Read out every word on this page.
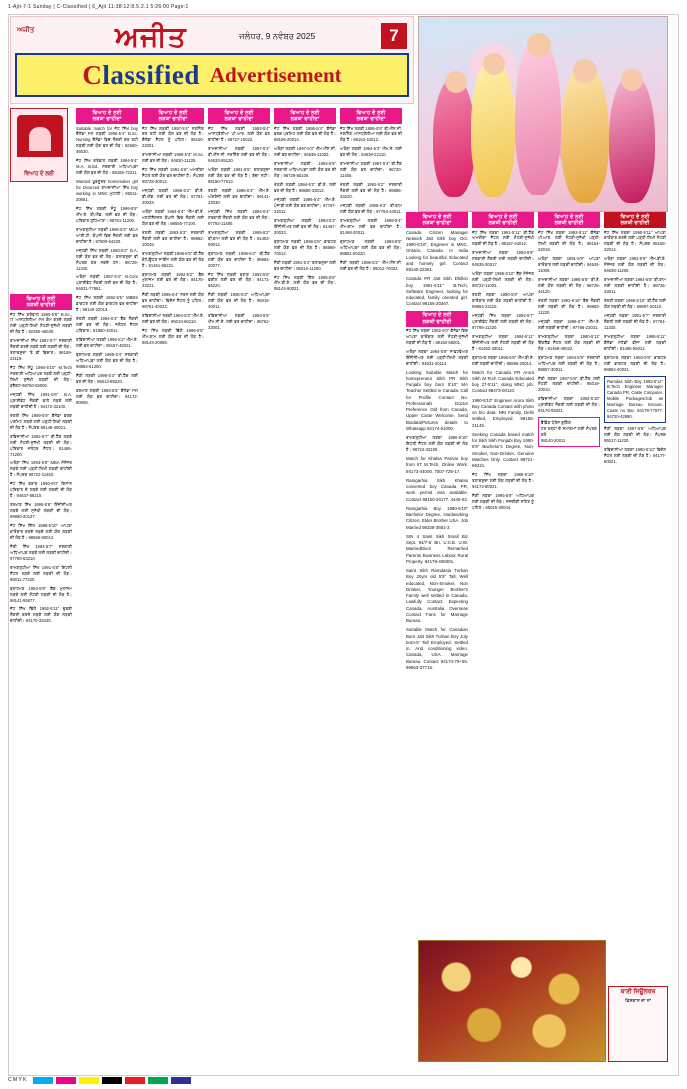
1-Ajit-7-1 Sunday | C-Classified | 6_Ajit 11:38:12:8.5.2.1 5:26:00 Page:1
ਅਜੀਤ	ਅਜੀਤ	ਜਲੰਧਰ, 9 ਨਵੰਬਰ 2025	7
Classified Advertisement
ਵਿਆਹ ਦੇ ਲਈ
ਵਿਆਹ ਦੇ ਲਈ
ਲੜਕੀ ਚਾਹੀਦੀ
ਜੱਟ ਸਿੱਖ ਗਰੇਵਾਲ 1990-5'8" B.Sc., IT ਆਸਟ੍ਰੇਲੀਆ PR ਕੰਮ ਕਰਦੇ ਲੜਕੇ ਲਈ ਪੜ੍ਹੀ-ਲਿਖੀ ਸੋਹਣੀ-ਸੁਨੱਖੀ ਲੜਕੀ ਦੀ ਲੋੜ ਹੈ। 92350-46030.
ਰਾਮਦਾਸੀਆ ਸਿੱਖ 1987-5'7" ਸਰਕਾਰੀ ਨੌਕਰੀ ਕਰਦੇ ਲੜਕੇ ਲਈ ਲੜਕੀ ਦੀ ਲੋੜ। ਤਲਾਕਸ਼ੁਦਾ 'ਤੇ ਵੀ ਵਿਚਾਰ। 98159-22119.
ਜੱਟ ਸਿੱਖ ਸੰਧੂ 1994-5'10" M.Tech ਸਰਕਾਰੀ ਅਧਿਆਪਕ ਲੜਕੇ ਲਈ ਪੜ੍ਹੀ-ਲਿਖੀ ਸੁਨੱਖੀ ਲੜਕੀ ਦੀ ਲੋੜ। ਬਰੈਕਟ-98760-55000.
ਮਜ਼੍ਹਬੀ ਸਿੱਖ 1991-5'6" B.A. ਪ੍ਰਾਈਵੇਟ ਨੌਕਰੀ ਵਾਲੇ ਲੜਕੇ ਲਈ ਲੜਕੀ ਚਾਹੀਦੀ ਹੈ। 94172-32100.
ਖੱਤਰੀ ਸਿੱਖ 1989-5'9" ਕੈਨੇਡਾ ਵਰਕ ਪਰਮਿਟ ਲੜਕੇ ਲਈ ਪੜ੍ਹੀ-ਲਿਖੀ ਲੜਕੀ ਦੀ ਲੋੜ ਹੈ। ਸੰਪਰਕ 99148-30021.
ਰਵਿਦਾਸੀਆ 1992-5'7" ਬੀ.ਟੈੱਕ ਲੜਕੇ ਲਈ ਸੋਹਣੀ-ਸੁਨੱਖੀ ਲੜਕੀ ਦੀ ਲੋੜ। ਪਰਿਵਾਰ ਜਲੰਧਰ ਸੈਟਲ। 81465-71200.
ਅਰੋੜਾ ਸਿੱਖ 1993-5'8" MBA ਮੈਨੇਜਰ ਲੜਕੇ ਲਈ ਪੜ੍ਹੀ-ਲਿਖੀ ਲੜਕੀ ਚਾਹੀਦੀ ਹੈ। ਸੰਪਰਕ 98722-11450.
ਜੱਟ ਸਿੱਖ ਬਰਾੜ 1990-6'0" ਕਿਸਾਨ ਪਰਿਵਾਰ ਦੇ ਲੜਕੇ ਲਈ ਲੜਕੀ ਦੀ ਲੋੜ ਹੈ। 94637-88210.
ਤਰਖਾਣ ਸਿੱਖ 1995-5'9" ਇੰਜੀਨੀਅਰ ਲੜਕੇ ਲਈ ਸੁਨੱਖੀ ਲੜਕੀ ਦੀ ਲੋੜ। 99880-20137.
ਜੱਟ ਸਿੱਖ ਗਿੱਲ 1988-5'10" ਆਪਣਾ ਕਾਰੋਬਾਰ ਕਰਦੇ ਲੜਕੇ ਲਈ ਯੋਗ ਲੜਕੀ ਦੀ ਲੋੜ ਹੈ। 98556-90012.
ਸੈਣੀ ਸਿੱਖ 1994-5'7" ਸਰਕਾਰੀ ਅਧਿਆਪਕ ਲੜਕੇ ਲਈ ਲੜਕੀ ਚਾਹੀਦੀ। 97790-63210.
ਰਾਮਗੜ੍ਹੀਆ ਸਿੱਖ 1991-5'8" ਇਟਲੀ ਸੈਟਲ ਲੜਕੇ ਲਈ ਲੜਕੀ ਦੀ ਲੋੜ। 95011-77220.
ਬ੍ਰਾਹਮਣ 1993-5'9" ਬੈਂਕ ਮੁਲਾਜ਼ਮ ਲੜਕੇ ਲਈ ਸੋਹਣੀ ਲੜਕੀ ਦੀ ਲੋੜ ਹੈ। 98141-55677.
ਜੱਟ ਸਿੱਖ ਢਿੱਲੋਂ 1992-5'11" ਦੁਬਈ ਨੌਕਰੀ ਕਰਦੇ ਲੜਕੇ ਲਈ ਯੋਗ ਲੜਕੀ ਚਾਹੀਦੀ। 94170-33440.
ਵਿਆਹ ਦੇ ਲਈ
ਲੜਕਾ ਚਾਹੀਦਾ
Suitable match for ਜੱਟ ਸਿੱਖ boy ਕੈਨੇਡਾ PR ਲੜਕੀ 1996-5'4" B.Sc. Nursing ਕੈਨੇਡਾ ਵਿਚ ਨੌਕਰੀ ਕਰ ਰਹੀ ਲੜਕੀ ਲਈ ਯੋਗ ਵਰ ਦੀ ਲੋੜ। 92560-46030.
ਜੱਟ ਸਿੱਖ ਗਰੇਵਾਲ ਲੜਕੀ 1994-5'4" M.A. B.Ed. ਸਰਕਾਰੀ ਅਧਿਆਪਕਾ ਲਈ ਯੋਗ ਵਰ ਦੀ ਲੋੜ। 98155-72311.
Wanted ਖ਼ੂਬਸੂਰਤ homemaker girl for Divorced ਰਾਮਦਾਸੀਆ ਸਿੱਖ boy working in MNC ਮੁਹਾਲੀ। 95011-20661.
ਜੱਟ ਸਿੱਖ ਲੜਕੀ ਸੰਧੂ 1996-5'5" ਐੱਮ.ਏ. ਬੀ.ਐੱਡ. ਲਈ ਵਰ ਦੀ ਲੋੜ। ਪਰਿਵਾਰ ਲੁਧਿਆਣਾ। 98761-11200.
ਰਾਮਗੜ੍ਹੀਆ ਲੜਕੀ 1995-5'3" MCA ਆਈ.ਟੀ. ਕੰਪਨੀ ਵਿਚ ਨੌਕਰੀ ਲਈ ਵਰ ਚਾਹੀਦਾ ਹੈ। 97800-64220.
ਮਜ਼੍ਹਬੀ ਸਿੱਖ ਲੜਕੀ 1993-5'2" B.A. ਲਈ ਯੋਗ ਵਰ ਦੀ ਲੋੜ। ਤਲਾਕਸ਼ੁਦਾ ਵੀ ਸੰਪਰਕ ਕਰ ਸਕਦੇ ਹਨ। 98729-11340.
ਅਰੋੜਾ ਲੜਕੀ 1997-5'4" B.Com ਪ੍ਰਾਈਵੇਟ ਨੌਕਰੀ ਲਈ ਵਰ ਦੀ ਲੋੜ ਹੈ। 94631-77881.
ਜੱਟ ਸਿੱਖ ਲੜਕੀ 1992-5'5" MBBS ਡਾਕਟਰ ਲਈ ਯੋਗ ਡਾਕਟਰ ਵਰ ਚਾਹੀਦਾ ਹੈ। 98140-22013.
ਖੱਤਰੀ ਲੜਕੀ 1994-5'3" ਬੈਂਕ ਨੌਕਰੀ ਲਈ ਵਰ ਦੀ ਲੋੜ। ਜਲੰਧਰ ਸੈਟਲ ਪਰਿਵਾਰ। 81950-33011.
ਰਵਿਦਾਸੀਆ ਲੜਕੀ 1996-5'2" ਐੱਮ.ਏ. ਲਈ ਵਰ ਚਾਹੀਦਾ। 99157-45021.
ਬ੍ਰਾਹਮਣ ਲੜਕੀ 1995-5'4" ਸਰਕਾਰੀ ਅਧਿਆਪਕਾ ਲਈ ਯੋਗ ਵਰ ਦੀ ਲੋੜ ਹੈ। 98884-61200.
ਸੈਣੀ ਲੜਕੀ 1998-5'3" ਬੀ.ਟੈੱਕ ਲਈ ਵਰ ਦੀ ਲੋੜ। 95013-88220.
ਤਰਖਾਣ ਲੜਕੀ 1993-5'5" ਕੈਨੇਡਾ PR ਲਈ ਯੋਗ ਵਰ ਚਾਹੀਦਾ। 94172-90055.
ਵਿਆਹ ਦੇ ਲਈ
ਲੜਕਾ ਚਾਹੀਦਾ
ਜੱਟ ਸਿੱਖ ਲੜਕੀ 1997-5'4" ਨਰਸਿੰਗ ਕਰ ਰਹੀ ਲਈ ਯੋਗ ਵਰ ਦੀ ਲੋੜ ਹੈ। ਕੈਨੇਡਾ ਸੈਟਲ ਨੂੰ ਪਹਿਲ। 98150-22001.
ਰਾਮਦਾਸੀਆ ਲੜਕੀ 1995-5'3" M.Sc. ਲਈ ਵਰ ਦੀ ਲੋੜ। 94630-11225.
ਜੱਟ ਸਿੱਖ ਲੜਕੀ 1991-5'6" ਅਮਰੀਕਾ ਸੈਟਲ ਲਈ ਯੋਗ ਵਰ ਚਾਹੀਦਾ ਹੈ। ਸੰਪਰਕ 98728-30012.
ਮਜ਼੍ਹਬੀ ਲੜਕੀ 1996-5'2" ਬੀ.ਏ. ਬੀ.ਐੱਡ. ਲਈ ਵਰ ਦੀ ਲੋੜ। 97791-20034.
ਅਰੋੜਾ ਲੜਕੀ 1994-5'4" ਐੱਮ.ਬੀ.ਏ. ਮਲਟੀਨੈਸ਼ਨਲ ਕੰਪਨੀ ਵਿਚ ਨੌਕਰੀ ਲਈ ਯੋਗ ਵਰ ਦੀ ਲੋੜ। 98555-77100.
ਖੱਤਰੀ ਲੜਕੀ 1993-5'3" ਸਰਕਾਰੀ ਨੌਕਰੀ ਲਈ ਵਰ ਚਾਹੀਦਾ ਹੈ। 99882-10045.
ਰਾਮਗੜ੍ਹੀਆ ਲੜਕੀ 1998-5'5" ਬੀ.ਟੈੱਕ ਕੰਪਿਊਟਰ ਸਾਇੰਸ ਲਈ ਯੋਗ ਵਰ ਦੀ ਲੋੜ ਹੈ। 81461-55221.
ਬ੍ਰਾਹਮਣ ਲੜਕੀ 1992-5'2" ਬੈਂਕ ਮੁਲਾਜ਼ਮ ਲਈ ਵਰ ਦੀ ਲੋੜ। 94175-33221.
ਸੈਣੀ ਲੜਕੀ 1995-5'4" ਨਰਸ ਲਈ ਯੋਗ ਵਰ ਚਾਹੀਦਾ। ਵਿਦੇਸ਼ ਸੈਟਲ ਨੂੰ ਪਹਿਲ। 98761-40023.
ਰਵਿਦਾਸੀਆ ਲੜਕੀ 1994-5'3" ਐੱਮ.ਏ. ਲਈ ਵਰ ਦੀ ਲੋੜ। 95010-66210.
ਜੱਟ ਸਿੱਖ ਲੜਕੀ ਢਿੱਲੋਂ 1996-5'5" ਐੱਮ.ਕਾਮ ਲਈ ਯੋਗ ਵਰ ਦੀ ਲੋੜ ਹੈ। 98143-20088.
ਵਿਆਹ ਦੇ ਲਈ
ਲੜਕਾ ਚਾਹੀਦਾ
ਜੱਟ ਸਿੱਖ ਲੜਕੀ 1993-5'4" ਆਸਟ੍ਰੇਲੀਆ ਪੀ.ਆਰ. ਲਈ ਯੋਗ ਵਰ ਚਾਹੀਦਾ ਹੈ। 98727-10022.
ਰਾਮਦਾਸੀਆ ਲੜਕੀ 1997-5'2" ਬੀ.ਐੱਸ.ਸੀ. ਨਰਸਿੰਗ ਲਈ ਵਰ ਦੀ ਲੋੜ। 94633-55120.
ਅਰੋੜਾ ਲੜਕੀ 1991-5'5" ਤਲਾਕਸ਼ੁਦਾ ਲਈ ਯੋਗ ਵਰ ਦੀ ਲੋੜ ਹੈ। ਬੱਚਾ ਨਹੀਂ। 98150-77013.
ਖੱਤਰੀ ਲੜਕੀ 1996-5'3" ਐੱਮ.ਏ. ਅੰਗਰੇਜ਼ੀ ਲਈ ਵਰ ਚਾਹੀਦਾ। 99141-22030.
ਮਜ਼੍ਹਬੀ ਸਿੱਖ ਲੜਕੀ 1994-5'4" ਸਰਕਾਰੀ ਨੌਕਰੀ ਲਈ ਯੋਗ ਵਰ ਦੀ ਲੋੜ। 97792-11480.
ਰਾਮਗੜ੍ਹੀਆ ਲੜਕੀ 1995-5'2" ਬੀ.ਕਾਮ ਲਈ ਵਰ ਦੀ ਲੋੜ ਹੈ। 81463-99012.
ਬ੍ਰਾਹਮਣ ਲੜਕੀ 1998-5'4" ਬੀ.ਟੈੱਕ ਲਈ ਯੋਗ ਵਰ ਚਾਹੀਦਾ ਹੈ। 98884-20077.
ਜੱਟ ਸਿੱਖ ਲੜਕੀ ਬਰਾੜ 1992-5'6" ਵਕੀਲ ਲਈ ਵਰ ਦੀ ਲੋੜ। 94171-66220.
ਸੈਣੀ ਲੜਕੀ 1996-5'3" ਅਧਿਆਪਕਾ ਲਈ ਯੋਗ ਵਰ ਦੀ ਲੋੜ ਹੈ। 95016-40011.
ਰਵਿਦਾਸੀਆ ਲੜਕੀ 1993-5'5" ਐੱਮ.ਸੀ.ਏ. ਲਈ ਵਰ ਚਾਹੀਦਾ। 98762-33001.
ਵਿਆਹ ਦੇ ਲਈ
ਲੜਕਾ ਚਾਹੀਦਾ
ਜੱਟ ਸਿੱਖ ਲੜਕੀ 1995-5'4" ਕੈਨੇਡਾ ਵਰਕ ਪਰਮਿਟ ਲਈ ਯੋਗ ਵਰ ਦੀ ਲੋੜ ਹੈ। 98155-20014.
ਅਰੋੜਾ ਲੜਕੀ 1997-5'3" ਐੱਮ.ਐੱਸ.ਸੀ. ਲਈ ਵਰ ਚਾਹੀਦਾ। 94636-11002.
ਰਾਮਦਾਸੀਆ ਲੜਕੀ 1992-5'5" ਸਰਕਾਰੀ ਅਧਿਆਪਕਾ ਲਈ ਯੋਗ ਵਰ ਦੀ ਲੋੜ। 98729-55100.
ਖੱਤਰੀ ਲੜਕੀ 1994-5'2" ਬੀ.ਏ. ਲਈ ਵਰ ਦੀ ਲੋੜ ਹੈ। 99880-33012.
ਮਜ਼੍ਹਬੀ ਲੜਕੀ 1996-5'4" ਐੱਮ.ਏ. ਪੰਜਾਬੀ ਲਈ ਯੋਗ ਵਰ ਚਾਹੀਦਾ। 97797-22011.
ਰਾਮਗੜ੍ਹੀਆ ਲੜਕੀ 1993-5'3" ਇੰਜੀਨੀਅਰ ਲਈ ਵਰ ਦੀ ਲੋੜ। 81467-20033.
ਬ੍ਰਾਹਮਣ ਲੜਕੀ 1998-5'5" ਡਾਕਟਰ ਲਈ ਯੋਗ ਵਰ ਦੀ ਲੋੜ ਹੈ। 98889-70012.
ਸੈਣੀ ਲੜਕੀ 1991-5'4" ਤਲਾਕਸ਼ੁਦਾ ਲਈ ਵਰ ਚਾਹੀਦਾ। 95018-11200.
ਜੱਟ ਸਿੱਖ ਲੜਕੀ ਗਿੱਲ 1995-5'6" ਐੱਮ.ਬੀ.ਏ. ਲਈ ਯੋਗ ਵਰ ਦੀ ਲੋੜ। 98144-90021.
ਵਿਆਹ ਦੇ ਲਈ
ਲੜਕਾ ਚਾਹੀਦਾ
ਜੱਟ ਸਿੱਖ ਲੜਕੀ 1996-5'5" ਬੀ.ਐੱਸ.ਸੀ. ਨਰਸਿੰਗ ਆਸਟ੍ਰੇਲੀਆ ਲਈ ਯੋਗ ਵਰ ਦੀ ਲੋੜ ਹੈ। 98153-44012.
ਅਰੋੜਾ ਲੜਕੀ 1994-5'3" ਐੱਮ.ਏ. ਲਈ ਵਰ ਦੀ ਲੋੜ। 94639-22110.
ਰਾਮਦਾਸੀਆ ਲੜਕੀ 1997-5'4" ਬੀ.ਟੈੱਕ ਲਈ ਯੋਗ ਵਰ ਚਾਹੀਦਾ। 98720-11455.
ਖੱਤਰੀ ਲੜਕੀ 1992-5'2" ਸਰਕਾਰੀ ਨੌਕਰੀ ਲਈ ਵਰ ਦੀ ਲੋੜ ਹੈ। 99886-33220.
ਮਜ਼੍ਹਬੀ ਲੜਕੀ 1995-5'3" ਬੀ.ਕਾਮ ਲਈ ਯੋਗ ਵਰ ਦੀ ਲੋੜ। 97793-44011.
ਰਾਮਗੜ੍ਹੀਆ ਲੜਕੀ 1998-5'4" ਐੱਮ.ਕਾਮ ਲਈ ਵਰ ਚਾਹੀਦਾ ਹੈ। 81468-20011.
ਬ੍ਰਾਹਮਣ ਲੜਕੀ 1993-5'5" ਅਧਿਆਪਕਾ ਲਈ ਯੋਗ ਵਰ ਦੀ ਲੋੜ। 98881-50220.
ਸੈਣੀ ਲੜਕੀ 1996-5'2" ਐੱਮ.ਐੱਸ.ਸੀ. ਲਈ ਵਰ ਦੀ ਲੋੜ ਹੈ। 95012-70033.
ਵਿਆਹ ਦੇ ਲਈ
ਲੜਕਾ ਚਾਹੀਦਾ
Canada Citizen Manager Network Jatt Sikh boy Oct. 1990-5'10", Engineer in MNC, Ontario, Canada. In India Looking for beautiful, Educated and homely girl. Contact 98140-22361.
Canada PR Jatt Sikh Dhillon boy 1991-5'11" B.Tech, Software Engineer, looking for educated, family oriented girl. Contact 98155-20367.
ਵਿਆਹ ਦੇ ਲਈ
ਲੜਕੀ ਚਾਹੀਦੀ
ਜੱਟ ਸਿੱਖ ਲੜਕਾ 1992-6'0" ਕੈਨੇਡਾ ਵਿਚ ਆਪਣਾ ਕਾਰੋਬਾਰ ਲਈ ਸੋਹਣੀ-ਸੁਨੱਖੀ ਲੜਕੀ ਦੀ ਲੋੜ ਹੈ। 98150-55001.
ਅਰੋੜਾ ਲੜਕਾ 1994-5'9" ਸਾਫ਼ਟਵੇਅਰ ਇੰਜੀਨੀਅਰ ਲਈ ਪੜ੍ਹੀ-ਲਿਖੀ ਲੜਕੀ ਚਾਹੀਦੀ। 94631-20114.
Looking Suitable Match for homepreneur Sikh PR Sikh Punjabi boy born 5'10" MA Teacher Settled in Canada. Call for Profile Contact No. Professionals Doctor Preference Old from Canada, Upper Caste Welcome. Send Biodata/Pictures details to Whatsapp 94174-61000.
ਰਾਮਗੜ੍ਹੀਆ ਲੜਕਾ 1990-5'10" ਇਟਲੀ ਸੈਟਲ ਲਈ ਯੋਗ ਲੜਕੀ ਦੀ ਲੋੜ ਹੈ। 98724-33100.
Match for Khalsa Parivar boy from IIT M.Tech, Online Work. 94173-44000. 7007-729-17.
Ramgarhia Sikh Khalsa converted boy Canada PR, work permit visa available. Contact 99150-20177. 4446-02.
Ramgarhia Boy 1990-5'10" Bachelor Degree, Hardworking Citizen, Elder Brother USA. Job Married 98338-3681-3.
SIN 4 Saint Sikh Small Biz Sept. 94/7-5' Bn. U.S.B. U.W. MarriedDivor Remarried Parents Business Labour Rural Property. 94179-406001.
Saint Sikh Ramdasia Turban Boy 20yrs old 5'9" Tall, Well educated, Non-Smoker, Non Drinker, Younger Brother's Family well settled in Canada. Lawfully Contact. Expecting Canada, Australia Overseas Contact Fans for Marriage Bureau.
Suitable Match for Canadian Born Jatt Sikh Turban Boy July born-5' Tall Employed. Settled in. And conditioning video. Canada, USA. Marriage Bureau. Contact 94174-79+55. 99663-37716.
ਵਿਆਹ ਦੇ ਲਈ
ਲੜਕੀ ਚਾਹੀਦੀ
ਜੱਟ ਸਿੱਖ ਲੜਕਾ 1991-5'11" ਬੀ.ਟੈੱਕ ਅਮਰੀਕਾ ਸੈਟਲ ਲਈ ਸੋਹਣੀ-ਸੁਨੱਖੀ ਲੜਕੀ ਦੀ ਲੋੜ ਹੈ। 98157-44012.
ਰਾਮਦਾਸੀਆ ਲੜਕਾ 1993-5'8" ਸਰਕਾਰੀ ਨੌਕਰੀ ਲਈ ਲੜਕੀ ਚਾਹੀਦੀ। 94635-30017.
ਅਰੋੜਾ ਲੜਕਾ 1995-5'10" ਬੈਂਕ ਮੈਨੇਜਰ ਲਈ ਪੜ੍ਹੀ-ਲਿਖੀ ਲੜਕੀ ਦੀ ਲੋੜ। 98722-11003.
ਖੱਤਰੀ ਲੜਕਾ 1990-5'9" ਆਪਣਾ ਕਾਰੋਬਾਰ ਲਈ ਯੋਗ ਲੜਕੀ ਚਾਹੀਦੀ ਹੈ। 99884-22110.
ਮਜ਼੍ਹਬੀ ਸਿੱਖ ਲੜਕਾ 1992-5'7" ਪ੍ਰਾਈਵੇਟ ਨੌਕਰੀ ਲਈ ਲੜਕੀ ਦੀ ਲੋੜ। 97795-11220.
ਰਾਮਗੜ੍ਹੀਆ ਲੜਕਾ 1994-5'11" ਇੰਜੀਨੀਅਰ ਲਈ ਸੋਹਣੀ ਲੜਕੀ ਦੀ ਲੋੜ ਹੈ। 81462-33011.
ਬ੍ਰਾਹਮਣ ਲੜਕਾ 1996-5'8" ਐੱਮ.ਬੀ.ਏ. ਲਈ ਲੜਕੀ ਚਾਹੀਦੀ। 98886-20014.
Match for Canada PR Arora Sikh M.Tech Canada Educated boy 27-5'11", doing MNC job. Contact 98473-00110.
1990-5'10" Engineer Arora Sikh Boy Canada Contact with photo on bio data: NRI Family, Delhi settled, Employed. 98155-21145.
Seeking Canada based match for Sikh Sikh Punjabi Boy 1990-5'9" Bachelor's Degree, Non-Smoker, Non-Drinker. Genuine Matches Only. Contact 98721-66221.
ਜੱਟ ਸਿੱਖ ਲੜਕਾ 1989-5'10" ਤਲਾਕਸ਼ੁਦਾ ਲਈ ਯੋਗ ਲੜਕੀ ਦੀ ਲੋੜ ਹੈ। 94172-80021.
ਸੈਣੀ ਲੜਕਾ 1995-5'9" ਅਧਿਆਪਕ ਲਈ ਲੜਕੀ ਦੀ ਲੋੜ। ਨਜ਼ਦੀਕੀ ਸ਼ਹਿਰ ਨੂੰ ਪਹਿਲ। 95015-30044.
ਵਿਆਹ ਦੇ ਲਈ
ਲੜਕੀ ਚਾਹੀਦੀ
ਜੱਟ ਸਿੱਖ ਲੜਕਾ 1993-5'11" ਕੈਨੇਡਾ ਪੀ.ਆਰ. ਲਈ ਸੋਹਣੀ-ਸੁਨੱਖੀ ਪੜ੍ਹੀ-ਲਿਖੀ ਲੜਕੀ ਦੀ ਲੋੜ ਹੈ। 98154-22018.
ਅਰੋੜਾ ਲੜਕਾ 1991-5'9" ਆਪਣਾ ਕਾਰੋਬਾਰ ਲਈ ਲੜਕੀ ਚਾਹੀਦੀ। 94634-11009.
ਰਾਮਦਾਸੀਆ ਲੜਕਾ 1995-5'8" ਬੀ.ਏ. ਲਈ ਯੋਗ ਲੜਕੀ ਦੀ ਲੋੜ। 98725-44120.
ਖੱਤਰੀ ਲੜਕਾ 1992-5'10" ਬੈਂਕ ਨੌਕਰੀ ਲਈ ਲੜਕੀ ਦੀ ਲੋੜ ਹੈ। 99883-11220.
ਮਜ਼੍ਹਬੀ ਲੜਕਾ 1996-5'7" ਐੱਮ.ਏ. ਲਈ ਲੜਕੀ ਚਾਹੀਦੀ। 97798-22031.
ਰਾਮਗੜ੍ਹੀਆ ਲੜਕਾ 1990-5'11" ਇੰਗਲੈਂਡ ਸੈਟਲ ਲਈ ਯੋਗ ਲੜਕੀ ਦੀ ਲੋੜ। 81469-40022.
ਬ੍ਰਾਹਮਣ ਲੜਕਾ 1994-5'9" ਸਰਕਾਰੀ ਅਧਿਆਪਕ ਲਈ ਲੜਕੀ ਦੀ ਲੋੜ ਹੈ। 98887-30011.
ਸੈਣੀ ਲੜਕਾ 1997-5'8" ਬੀ.ਟੈੱਕ ਲਈ ਸੋਹਣੀ ਲੜਕੀ ਚਾਹੀਦੀ। 95019-20010.
ਰਵਿਦਾਸੀਆ ਲੜਕਾ 1993-5'10" ਪ੍ਰਾਈਵੇਟ ਨੌਕਰੀ ਲਈ ਲੜਕੀ ਦੀ ਲੋੜ। 94176-55021.
ਵੈੱਡਿੰਗ ਪੈਲੇਸ ਬੁਕਿੰਗ
ਹਰ ਤਰ੍ਹਾਂ ਦੇ ਸਮਾਗਮਾਂ ਲਈ ਸੰਪਰਕ ਕਰੋ
98140-20011
ਵਿਆਹ ਦੇ ਲਈ
ਲੜਕੀ ਚਾਹੀਦੀ
ਜੱਟ ਸਿੱਖ ਲੜਕਾ 1990-5'11" ਆਪਣਾ ਕਾਰੋਬਾਰ ਕਰਦੇ ਲਈ ਪੜ੍ਹੀ-ਲਿਖੀ ਸੋਹਣੀ ਲੜਕੀ ਦੀ ਲੋੜ ਹੈ। ਸੰਪਰਕ 98158-22014.
ਅਰੋੜਾ ਲੜਕਾ 1992-5'9" ਐੱਮ.ਬੀ.ਏ. ਮੈਨੇਜਰ ਲਈ ਯੋਗ ਲੜਕੀ ਦੀ ਲੋੜ। 94638-11200.
ਰਾਮਦਾਸੀਆ ਲੜਕਾ 1994-5'8" ਬੀ.ਕਾਮ ਲਈ ਲੜਕੀ ਚਾਹੀਦੀ ਹੈ। 98726-33011.
ਖੱਤਰੀ ਲੜਕਾ 1996-5'10" ਬੀ.ਟੈੱਕ ਲਈ ਯੋਗ ਲੜਕੀ ਦੀ ਲੋੜ। 99887-20110.
ਮਜ਼੍ਹਬੀ ਲੜਕਾ 1991-5'7" ਸਰਕਾਰੀ ਨੌਕਰੀ ਲਈ ਲੜਕੀ ਦੀ ਲੋੜ ਹੈ। 97794-11330.
ਰਾਮਗੜ੍ਹੀਆ ਲੜਕਾ 1995-5'11" ਕੈਨੇਡਾ ਸਟੱਡੀ ਵੀਜ਼ਾ ਲਈ ਲੜਕੀ ਚਾਹੀਦੀ। 81460-55012.
ਬ੍ਰਾਹਮਣ ਲੜਕਾ 1993-5'9" ਡਾਕਟਰ ਲਈ ਡਾਕਟਰ ਲੜਕੀ ਦੀ ਲੋੜ ਹੈ। 98882-40021.
Ramdas Sikh Boy 1993-5'11" B.Tech Engineer Manager Canada PR, Caste Computer. Mobile Packages/Job as Marriage Bureau Excuse. Caste no Bar. 94179-77977. 94720-42990.
ਸੈਣੀ ਲੜਕਾ 1997-5'8" ਅਧਿਆਪਕ ਲਈ ਯੋਗ ਲੜਕੀ ਦੀ ਲੋੜ। ਸੰਪਰਕ 95017-11220.
ਰਵਿਦਾਸੀਆ ਲੜਕਾ 1990-5'10" ਵਿਦੇਸ਼ ਸੈਟਲ ਲਈ ਲੜਕੀ ਦੀ ਲੋੜ ਹੈ। 94177-60021.
ਬਾਣੀ ਜਿਊਲਰਜ਼
ਵਿਸ਼ਵਾਸ ਦਾ ਨਾਂ
C M Y K
